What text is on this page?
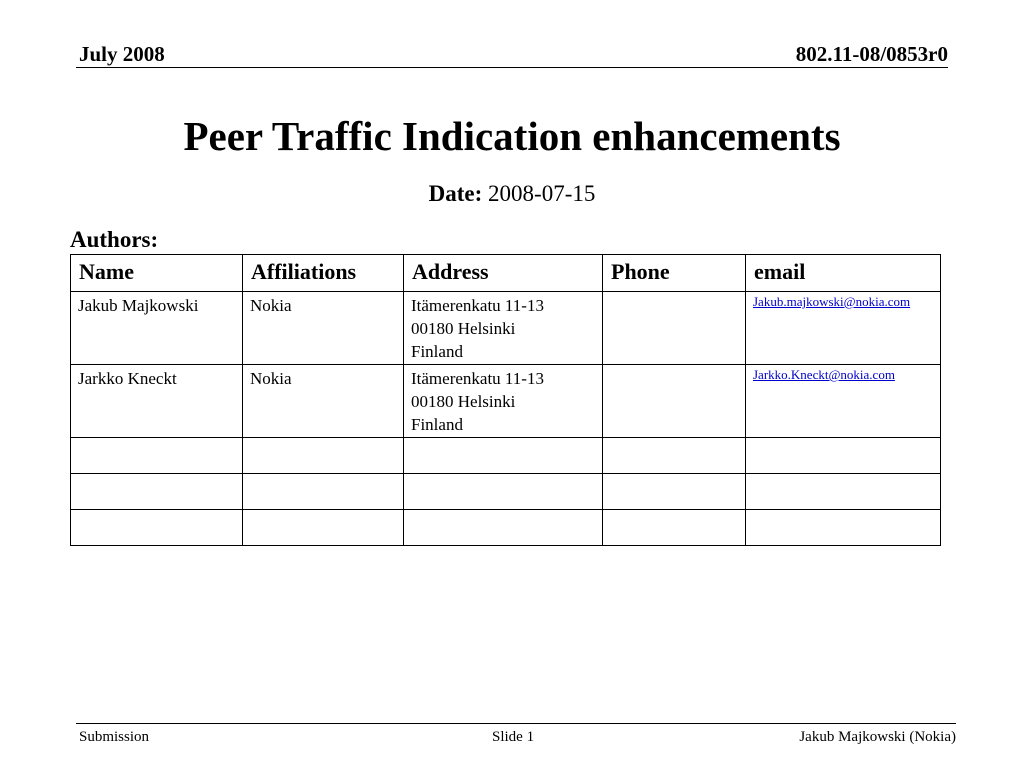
July 2008	802.11-08/0853r0
Peer Traffic Indication enhancements
Date: 2008-07-15
Authors:
Name	Affiliations	Address	Phone	email
Jakub Majkowski	Nokia	Itämerenkatu 11-13
00180 Helsinki
Finland		Jakub.majkowski@nokia.com
Jarkko Kneckt	Nokia	Itämerenkatu 11-13
00180 Helsinki
Finland		Jarkko.Kneckt@nokia.com

Submission	Slide 1	Jakub Majkowski (Nokia)
